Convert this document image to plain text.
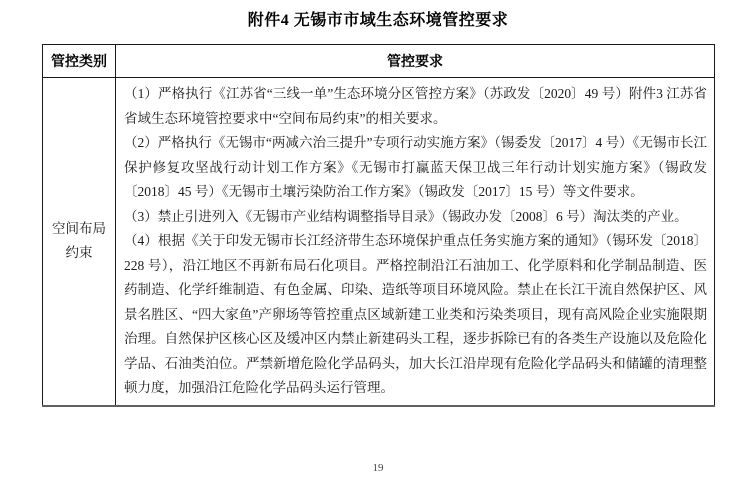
附件4 无锡市市域生态环境管控要求
管控类别	管控要求
空间布局约束	（1）严格执行《江苏省“三线一单”生态环境分区管控方案》（苏政发〔2020〕49 号）附件3 江苏省省域生态环境管控要求中“空间布局约束”的相关要求。

（2）严格执行《无锡市“两减六治三提升”专项行动实施方案》（锡委发〔2017〕4 号）《无锡市长江保护修复攻坚战行动计划工作方案》《无锡市打赢蓝天保卫战三年行动计划实施方案》（锡政发〔2018〕45 号）《无锡市土壤污染防治工作方案》（锡政发〔2017〕15 号）等文件要求。

（3）禁止引进列入《无锡市产业结构调整指导目录》（锡政办发〔2008〕6 号）淘汰类的产业。

（4）根据《关于印发无锡市长江经济带生态环境保护重点任务实施方案的通知》（锡环发〔2018〕228 号），沿江地区不再新布局石化项目。严格控制沿江石油加工、化学原料和化学制品制造、医药制造、化学纤维制造、有色金属、印染、造纸等项目环境风险。禁止在长江干流自然保护区、风景名胜区、“四大家鱼”产卵场等管控重点区域新建工业类和污染类项目，现有高风险企业实施限期治理。自然保护区核心区及缓冲区内禁止新建码头工程，逐步拆除已有的各类生产设施以及危险化学品、石油类泊位。严禁新增危险化学品码头，加大长江沿岸现有危险化学品码头和储罐的清理整顿力度，加强沿江危险化学品码头运行管理。

19
